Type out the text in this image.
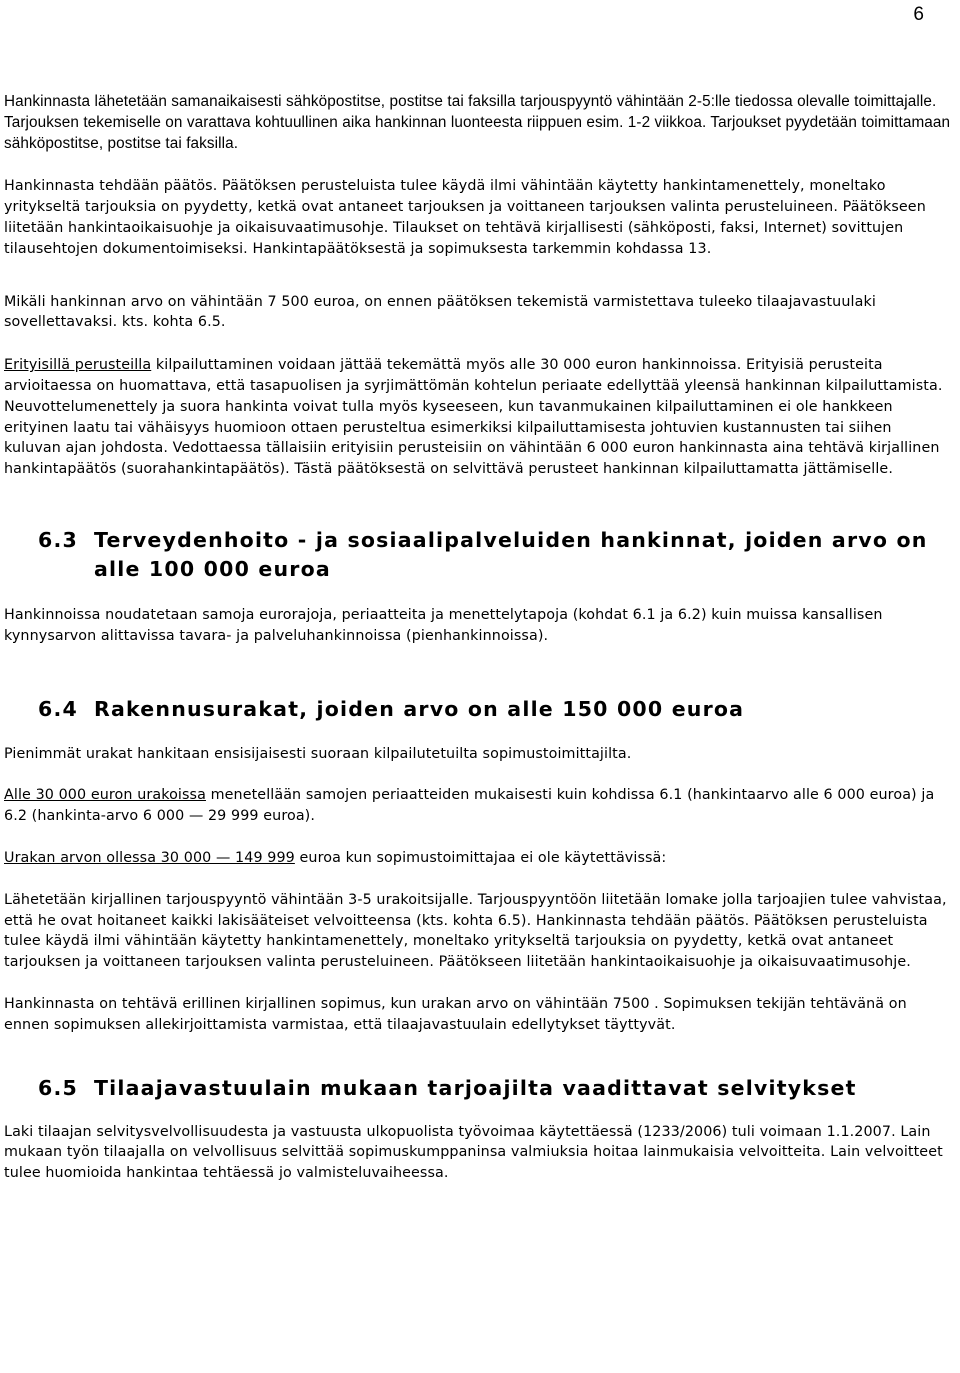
6

Hankinnasta lähetetään samanaikaisesti sähköpostitse, postitse tai faksilla tarjouspyyntö vähintään 2-5:lle tiedossa olevalle toimittajalle. Tarjouksen tekemiselle on varattava kohtuullinen aika hankinnan luonteesta riippuen esim. 1-2 viikkoa. Tarjoukset pyydetään toimittamaan sähköpostitse, postitse tai faksilla.

Hankinnasta tehdään päätös. Päätöksen perusteluista tulee käydä ilmi vähintään käytetty hankintamenettely, moneltako yritykseltä tarjouksia on pyydetty, ketkä ovat antaneet tarjouksen ja voittaneen tarjouksen valinta perusteluineen. Päätökseen liitetään hankintaoikaisuohje ja oikaisuvaatimusohje. Tilaukset on tehtävä kirjallisesti (sähköposti, faksi, Internet) sovittujen tilausehtojen dokumentoimiseksi. Hankintapäätöksestä ja sopimuksesta tarkemmin kohdassa 13.

Mikäli hankinnan arvo on vähintään 7 500 euroa, on ennen päätöksen tekemistä varmistettava tuleeko tilaajavastuulaki sovellettavaksi. kts. kohta 6.5.

Erityisillä perusteilla kilpailuttaminen voidaan jättää tekemättä myös alle 30 000 euron hankinnoissa. Erityisiä perusteita arvioitaessa on huomattava, että tasapuolisen ja syrjimättömän kohtelun periaate edellyttää yleensä hankinnan kilpailuttamista. Neuvottelumenettely ja suora hankinta voivat tulla myös kyseeseen, kun tavanmukainen kilpailuttaminen ei ole hankkeen erityinen laatu tai vähäisyys huomioon ottaen perusteltua esimerkiksi kilpailuttamisesta johtuvien kustannusten tai siihen kuluvan ajan johdosta. Vedottaessa tällaisiin erityisiin perusteisiin on vähintään 6 000 euron hankinnasta aina tehtävä kirjallinen hankintapäätös (suorahankintapäätös). Tästä päätöksestä on selvittävä perusteet hankinnan kilpailuttamatta jättämiselle.

6.3 Terveydenhoito - ja sosiaalipalveluiden hankinnat, joiden arvo on alle 100 000 euroa

Hankinnoissa noudatetaan samoja eurorajoja, periaatteita ja menettelytapoja (kohdat 6.1 ja 6.2) kuin muissa kansallisen kynnysarvon alittavissa tavara- ja palveluhankinnoissa (pienhankinnoissa).

6.4 Rakennusurakat, joiden arvo on alle 150 000 euroa

Pienimmät urakat hankitaan ensisijaisesti suoraan kilpailutetuilta sopimustoimittajilta.

Alle 30 000 euron urakoissa menetellään samojen periaatteiden mukaisesti kuin kohdissa 6.1 (hankintaarvo alle 6 000 euroa) ja 6.2 (hankinta-arvo 6 000 — 29 999 euroa).

Urakan arvon ollessa 30 000 — 149 999 euroa kun sopimustoimittajaa ei ole käytettävissä:

Lähetetään kirjallinen tarjouspyyntö vähintään 3-5 urakoitsijalle. Tarjouspyyntöön liitetään lomake jolla tarjoajien tulee vahvistaa, että he ovat hoitaneet kaikki lakisääteiset velvoitteensa (kts. kohta 6.5). Hankinnasta tehdään päätös. Päätöksen perusteluista tulee käydä ilmi vähintään käytetty hankintamenettely, moneltako yritykseltä tarjouksia on pyydetty, ketkä ovat antaneet tarjouksen ja voittaneen tarjouksen valinta perusteluineen. Päätökseen liitetään hankintaoikaisuohje ja oikaisuvaatimusohje.

Hankinnasta on tehtävä erillinen kirjallinen sopimus, kun urakan arvo on vähintään 7500 . Sopimuksen tekijän tehtävänä on ennen sopimuksen allekirjoittamista varmistaa, että tilaajavastuulain edellytykset täyttyvät.

6.5 Tilaajavastuulain mukaan tarjoajilta vaadittavat selvitykset

Laki tilaajan selvitysvelvollisuudesta ja vastuusta ulkopuolista työvoimaa käytettäessä (1233/2006) tuli voimaan 1.1.2007. Lain mukaan työn tilaajalla on velvollisuus selvittää sopimuskumppaninsa valmiuksia hoitaa lainmukaisia velvoitteita. Lain velvoitteet tulee huomioida hankintaa tehtäessä jo valmisteluvaiheessa.
